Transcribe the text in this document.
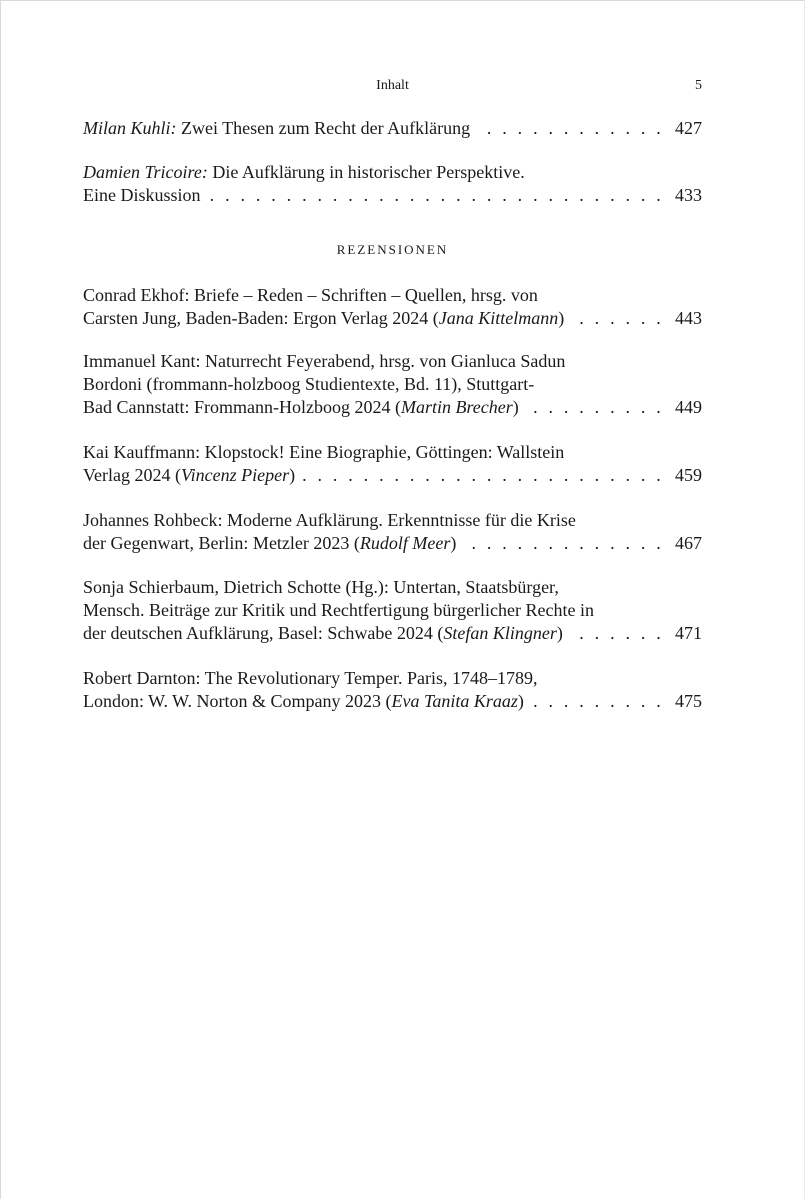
Inhalt	5
Milan Kuhli: Zwei Thesen zum Recht der Aufklärung . . .	427
Damien Tricoire: Die Aufklärung in historischer Perspektive.
Eine Diskussion . . .	433
REZENSIONEN
Conrad Ekhof: Briefe – Reden – Schriften – Quellen, hrsg. von
Carsten Jung, Baden-Baden: Ergon Verlag 2024 (Jana Kittelmann) . . .	443
Immanuel Kant: Naturrecht Feyerabend, hrsg. von Gianluca Sadun
Bordoni (frommann-holzboog Studientexte, Bd. 11), Stuttgart-
Bad Cannstatt: Frommann-Holzboog 2024 (Martin Brecher) . . .	449
Kai Kauffmann: Klopstock! Eine Biographie, Göttingen: Wallstein
Verlag 2024 (Vincenz Pieper) . . .	459
Johannes Rohbeck: Moderne Aufklärung. Erkenntnisse für die Krise
der Gegenwart, Berlin: Metzler 2023 (Rudolf Meer) . . .	467
Sonja Schierbaum, Dietrich Schotte (Hg.): Untertan, Staatsbürger,
Mensch. Beiträge zur Kritik und Rechtfertigung bürgerlicher Rechte in
der deutschen Aufklärung, Basel: Schwabe 2024 (Stefan Klingner) . . .	471
Robert Darnton: The Revolutionary Temper. Paris, 1748–1789,
London: W. W. Norton & Company 2023 (Eva Tanita Kraaz) . . .	475
